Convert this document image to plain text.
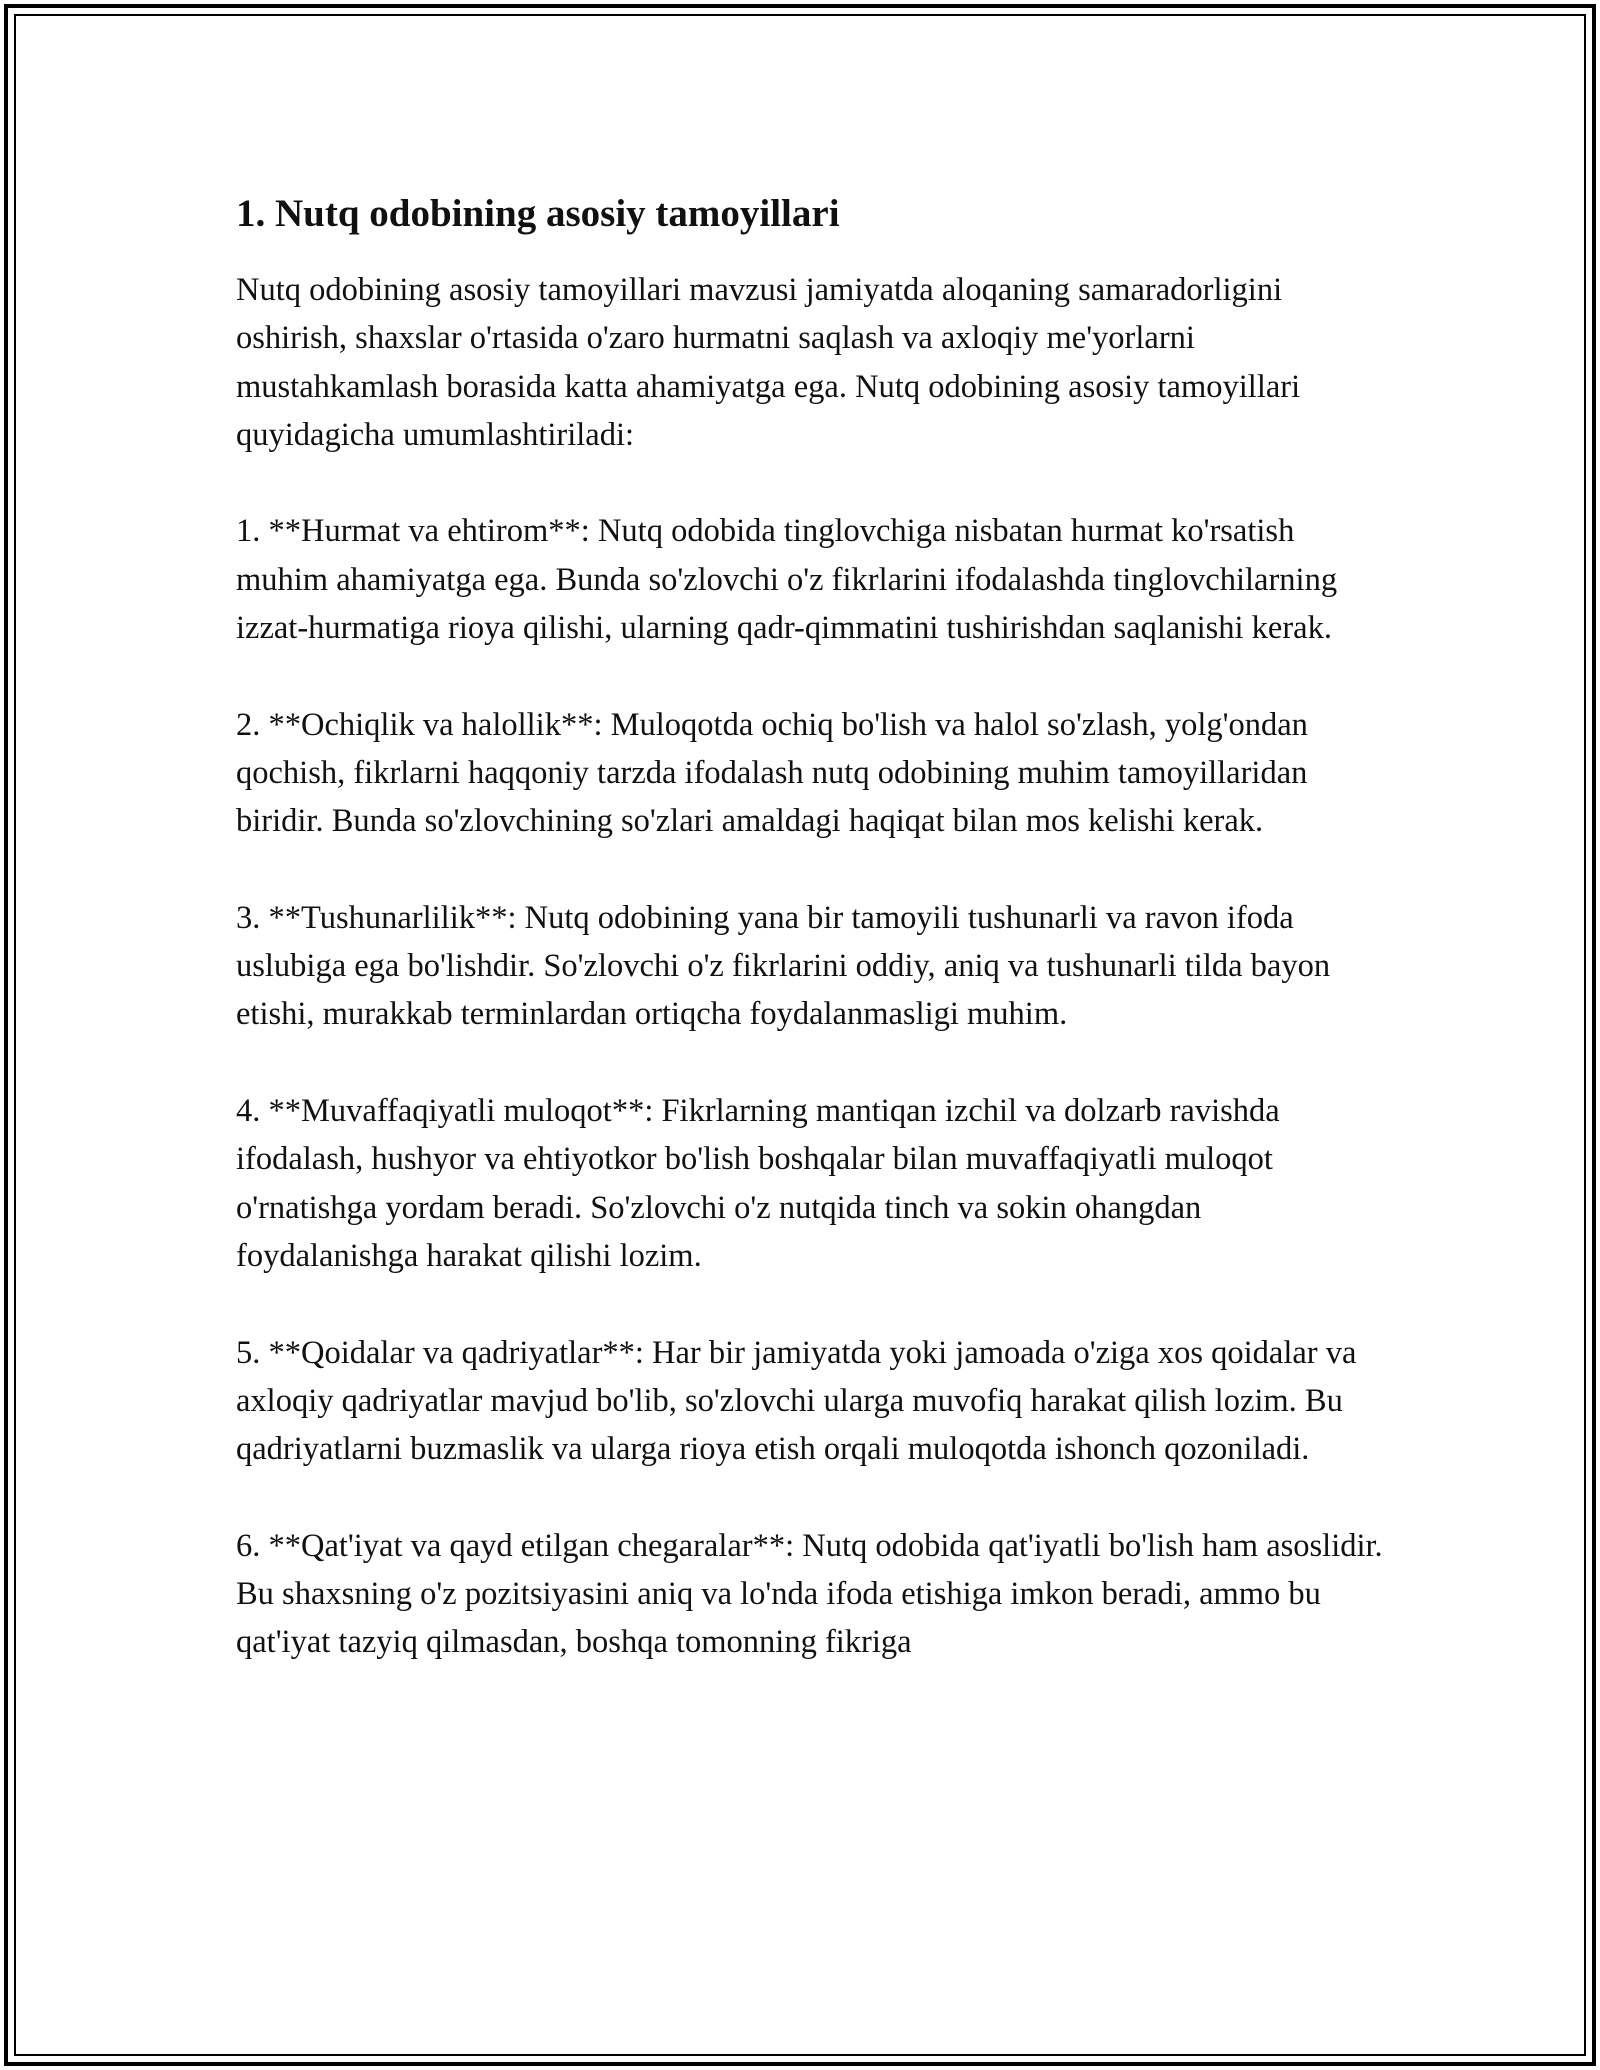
1. Nutq odobining asosiy tamoyillari

Nutq odobining asosiy tamoyillari mavzusi jamiyatda aloqaning samaradorligini oshirish, shaxslar o'rtasida o'zaro hurmatni saqlash va axloqiy me'yorlarni mustahkamlash borasida katta ahamiyatga ega. Nutq odobining asosiy tamoyillari quyidagicha umumlashtiriladi:

1. **Hurmat va ehtirom**: Nutq odobida tinglovchiga nisbatan hurmat ko'rsatish muhim ahamiyatga ega. Bunda so'zlovchi o'z fikrlarini ifodalashda tinglovchilarning izzat-hurmatiga rioya qilishi, ularning qadr-qimmatini tushirishdan saqlanishi kerak.

2. **Ochiqlik va halollik**: Muloqotda ochiq bo'lish va halol so'zlash, yolg'ondan qochish, fikrlarni haqqoniy tarzda ifodalash nutq odobining muhim tamoyillaridan biridir. Bunda so'zlovchining so'zlari amaldagi haqiqat bilan mos kelishi kerak.

3. **Tushunarlilik**: Nutq odobining yana bir tamoyili tushunarli va ravon ifoda uslubiga ega bo'lishdir. So'zlovchi o'z fikrlarini oddiy, aniq va tushunarli tilda bayon etishi, murakkab terminlardan ortiqcha foydalanmasligi muhim.

4. **Muvaffaqiyatli muloqot**: Fikrlarning mantiqan izchil va dolzarb ravishda ifodalash, hushyor va ehtiyotkor bo'lish boshqalar bilan muvaffaqiyatli muloqot o'rnatishga yordam beradi. So'zlovchi o'z nutqida tinch va sokin ohangdan foydalanishga harakat qilishi lozim.

5. **Qoidalar va qadriyatlar**: Har bir jamiyatda yoki jamoada o'ziga xos qoidalar va axloqiy qadriyatlar mavjud bo'lib, so'zlovchi ularga muvofiq harakat qilish lozim. Bu qadriyatlarni buzmaslik va ularga rioya etish orqali muloqotda ishonch qozoniladi.

6. **Qat'iyat va qayd etilgan chegaralar**: Nutq odobida qat'iyatli bo'lish ham asoslidir. Bu shaxsning o'z pozitsiyasini aniq va lo'nda ifoda etishiga imkon beradi, ammo bu qat'iyat tazyiq qilmasdan, boshqa tomonning fikriga
